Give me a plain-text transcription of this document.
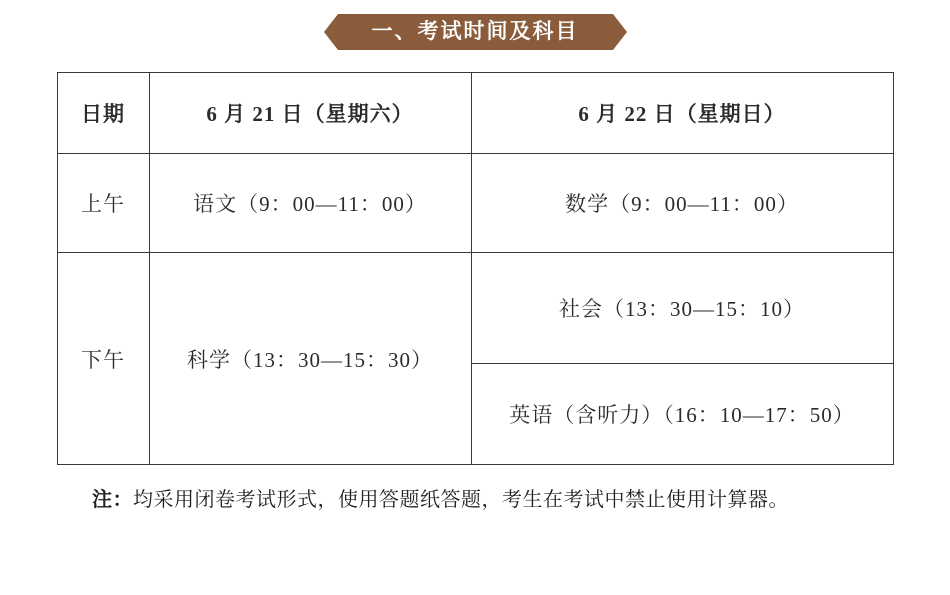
一、考试时间及科目
日期	6 月 21 日（星期六）	6 月 22 日（星期日）
上午	语文（9：00—11：00）	数学（9：00—11：00）
下午	科学（13：30—15：30）	社会（13：30—15：10）
		英语（含听力）（16：10—17：50）
注：均采用闭卷考试形式，使用答题纸答题，考生在考试中禁止使用计算器。
